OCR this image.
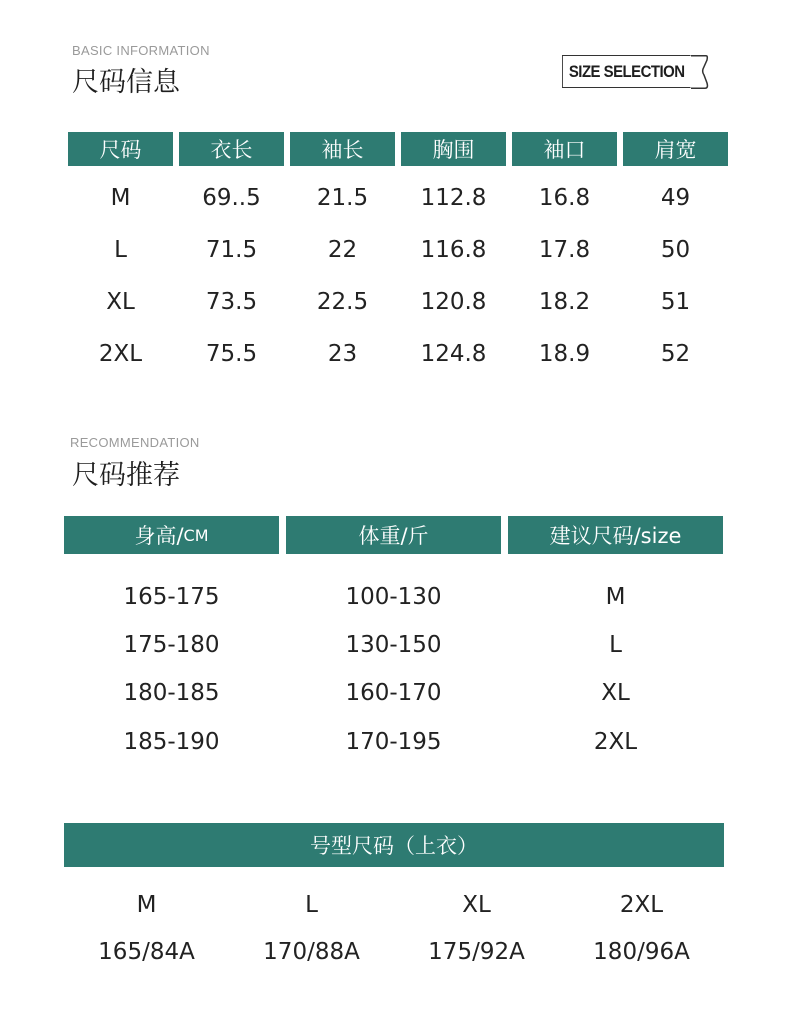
BASIC INFORMATION
尺码信息	SIZE SELECTION
尺码	衣长	袖长	胸围	袖口	肩宽
M	69..5	21.5	112.8	16.8	49
L	71.5	22	116.8	17.8	50
XL	73.5	22.5	120.8	18.2	51
2XL	75.5	23	124.8	18.9	52
RECOMMENDATION
尺码推荐
身高/ CM	体重/斤	建议尺码/size
165-175	100-130	M
175-180	130-150	L
180-185	160-170	XL
185-190	170-195	2XL
号型尺码（上衣）
M	L	XL	2XL
165/84A	170/88A	175/92A	180/96A
